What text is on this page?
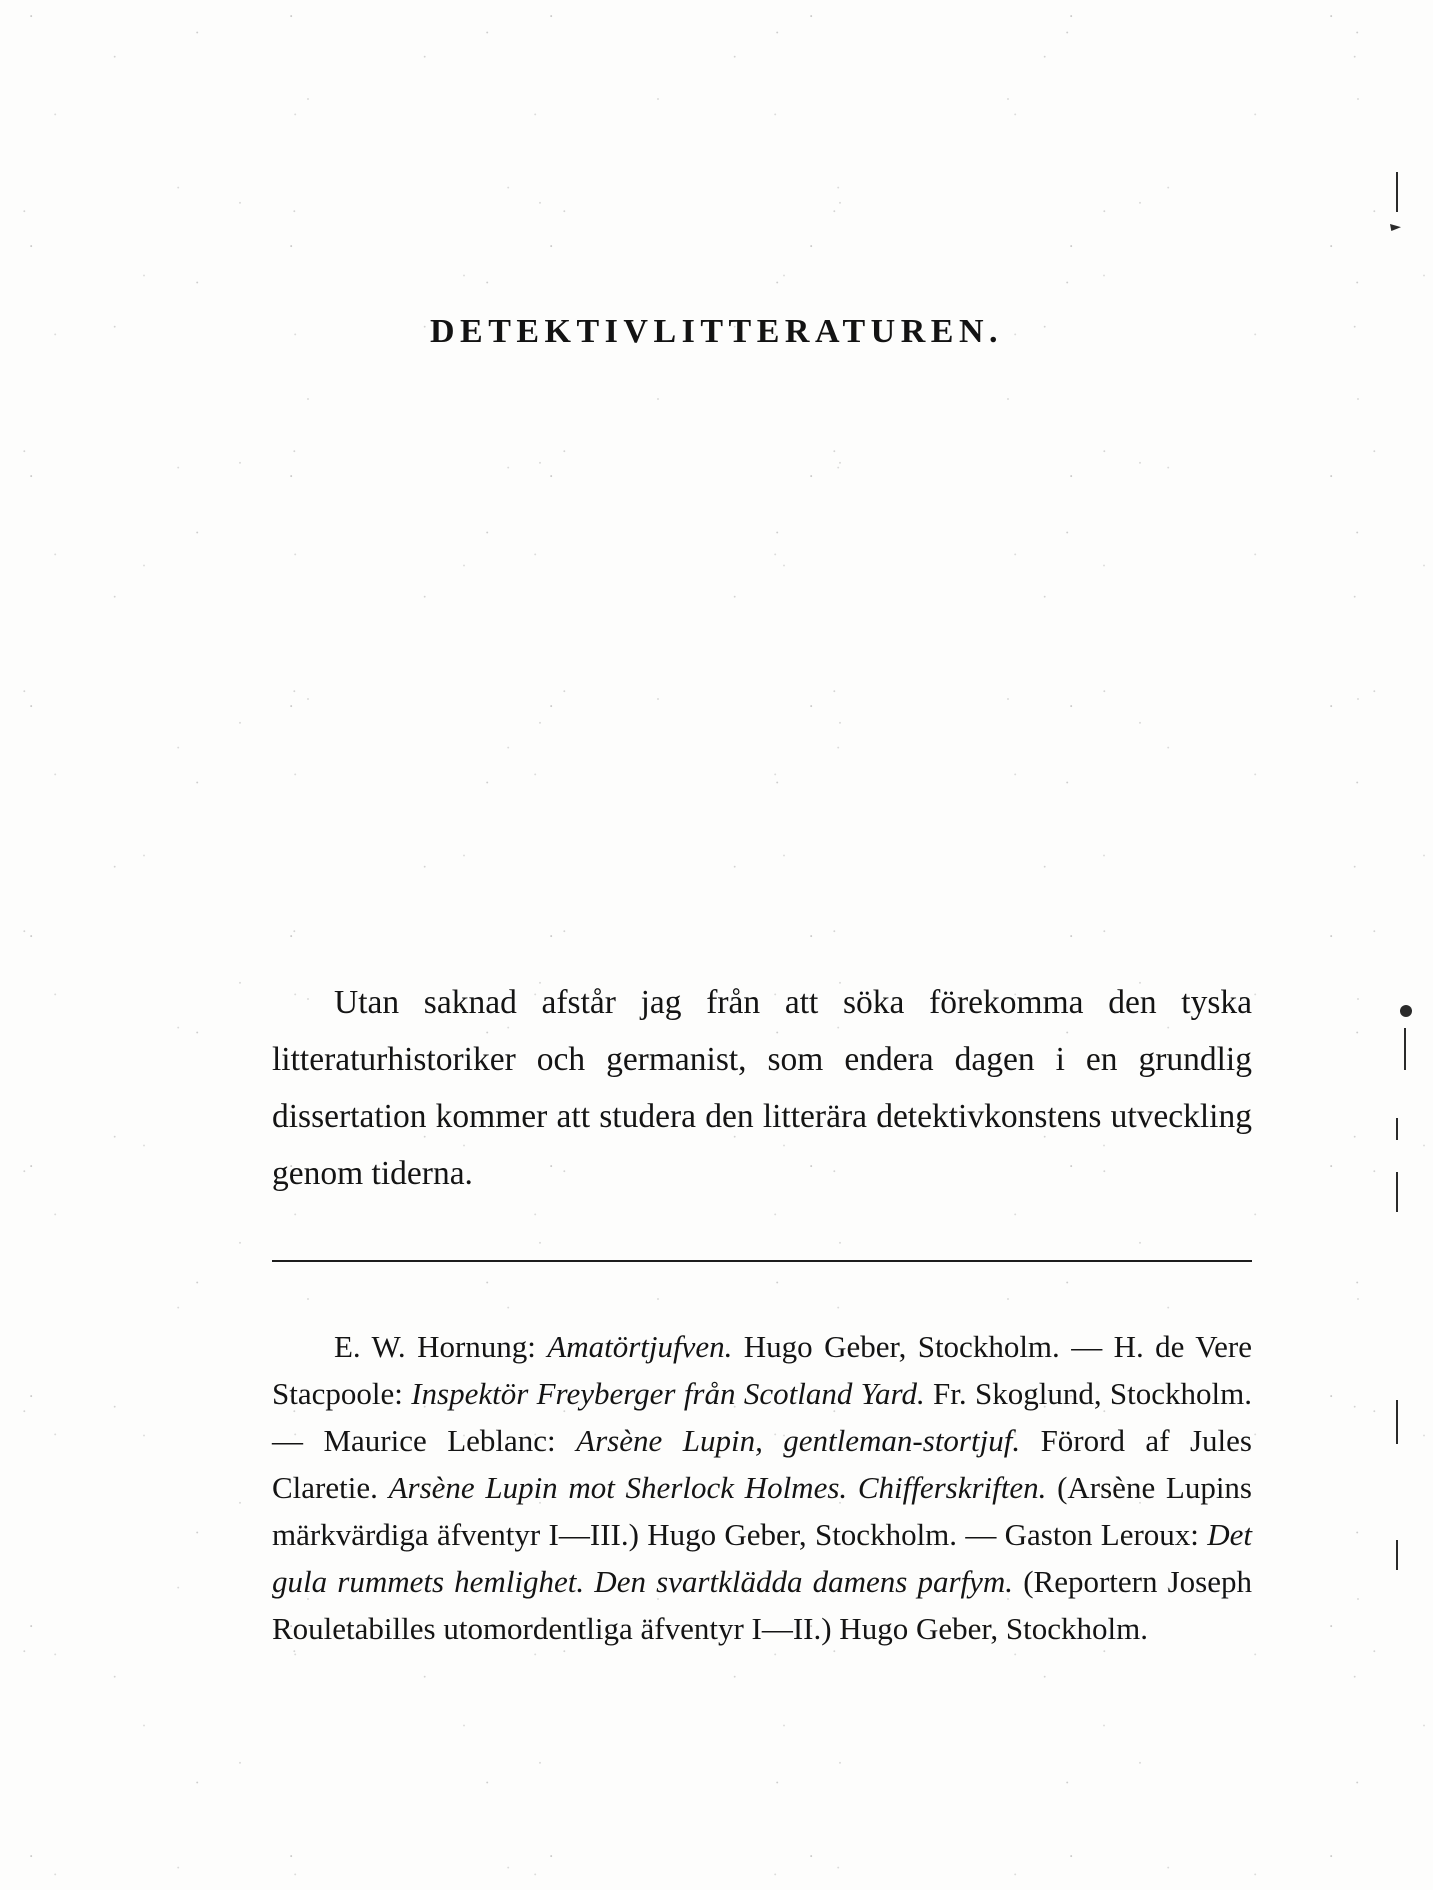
DETEKTIVLITTERATUREN.

Utan saknad afstår jag från att söka förekomma den tyska litteraturhistoriker och germanist, som endera dagen i en grundlig dissertation kommer att studera den litterära detektivkonstens utveckling genom tiderna.

E. W. Hornung: Amatörtjufven. Hugo Geber, Stockholm. — H. de Vere Stacpoole: Inspektör Freyberger från Scotland Yard. Fr. Skoglund, Stockholm. — Maurice Leblanc: Arsène Lupin, gentleman-stortjuf. Förord af Jules Claretie. Arsène Lupin mot Sherlock Holmes. Chifferskriften. (Arsène Lupins märkvärdiga äfventyr I—III.) Hugo Geber, Stockholm. — Gaston Leroux: Det gula rummets hemlighet. Den svartklädda damens parfym. (Reportern Joseph Rouletabilles utomordentliga äfventyr I—II.) Hugo Geber, Stockholm.
